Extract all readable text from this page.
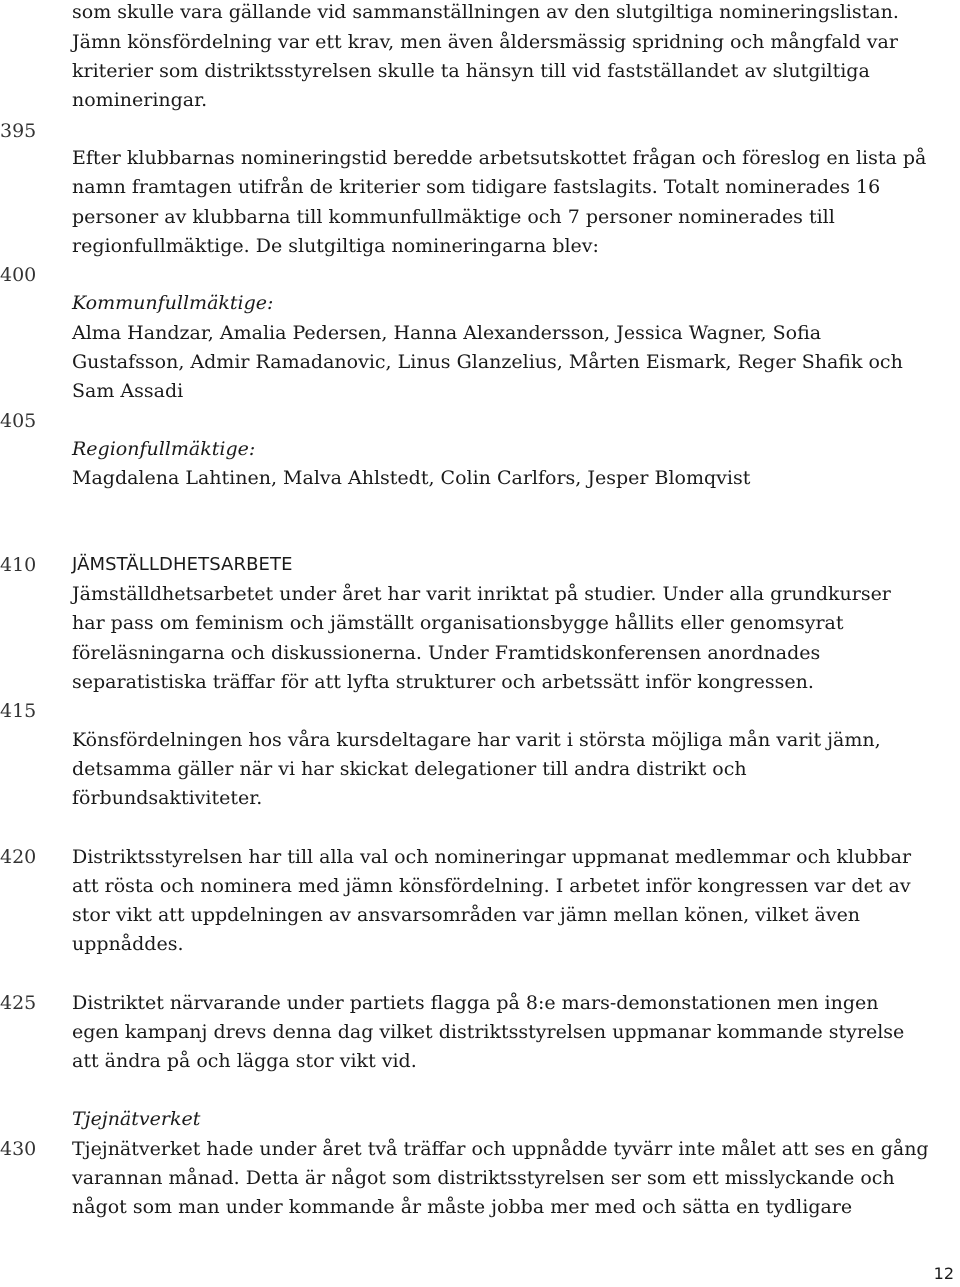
395
400
405
410
415
420
425
430
som skulle vara gällande vid sammanställningen av den slutgiltiga nomineringslistan.
Jämn könsfördelning var ett krav, men även åldersmässig spridning och mångfald var
kriterier som distriktsstyrelsen skulle ta hänsyn till vid fastställandet av slutgiltiga
nomineringar.
Efter klubbarnas nomineringstid beredde arbetsutskottet frågan och föreslog en lista på
namn framtagen utifrån de kriterier som tidigare fastslagits. Totalt nominerades 16
personer av klubbarna till kommunfullmäktige och 7 personer nominerades till
regionfullmäktige. De slutgiltiga nomineringarna blev:
Kommunfullmäktige:
Alma Handzar, Amalia Pedersen, Hanna Alexandersson, Jessica Wagner, Sofia
Gustafsson, Admir Ramadanovic, Linus Glanzelius, Mårten Eismark, Reger Shafik och
Sam Assadi
Regionfullmäktige:
Magdalena Lahtinen, Malva Ahlstedt, Colin Carlfors, Jesper Blomqvist
JÄMSTÄLLDHETSARBETE
Jämställdhetsarbetet under året har varit inriktat på studier. Under alla grundkurser
har pass om feminism och jämställt organisationsbygge hållits eller genomsyrat
föreläsningarna och diskussionerna. Under Framtidskonferensen anordnades
separatistiska träffar för att lyfta strukturer och arbetssätt inför kongressen.
Könsfördelningen hos våra kursdeltagare har varit i största möjliga mån varit jämn,
detsamma gäller när vi har skickat delegationer till andra distrikt och
förbundsaktiviteter.
Distriktsstyrelsen har till alla val och nomineringar uppmanat medlemmar och klubbar
att rösta och nominera med jämn könsfördelning. I arbetet inför kongressen var det av
stor vikt att uppdelningen av ansvarsområden var jämn mellan könen, vilket även
uppnåddes.
Distriktet närvarande under partiets flagga på 8:e mars-demonstationen men ingen
egen kampanj drevs denna dag vilket distriktsstyrelsen uppmanar kommande styrelse
att ändra på och lägga stor vikt vid.
Tjejnätverket
Tjejnätverket hade under året två träffar och uppnådde tyvärr inte målet att ses en gång
varannan månad. Detta är något som distriktsstyrelsen ser som ett misslyckande och
något som man under kommande år måste jobba mer med och sätta en tydligare
12
